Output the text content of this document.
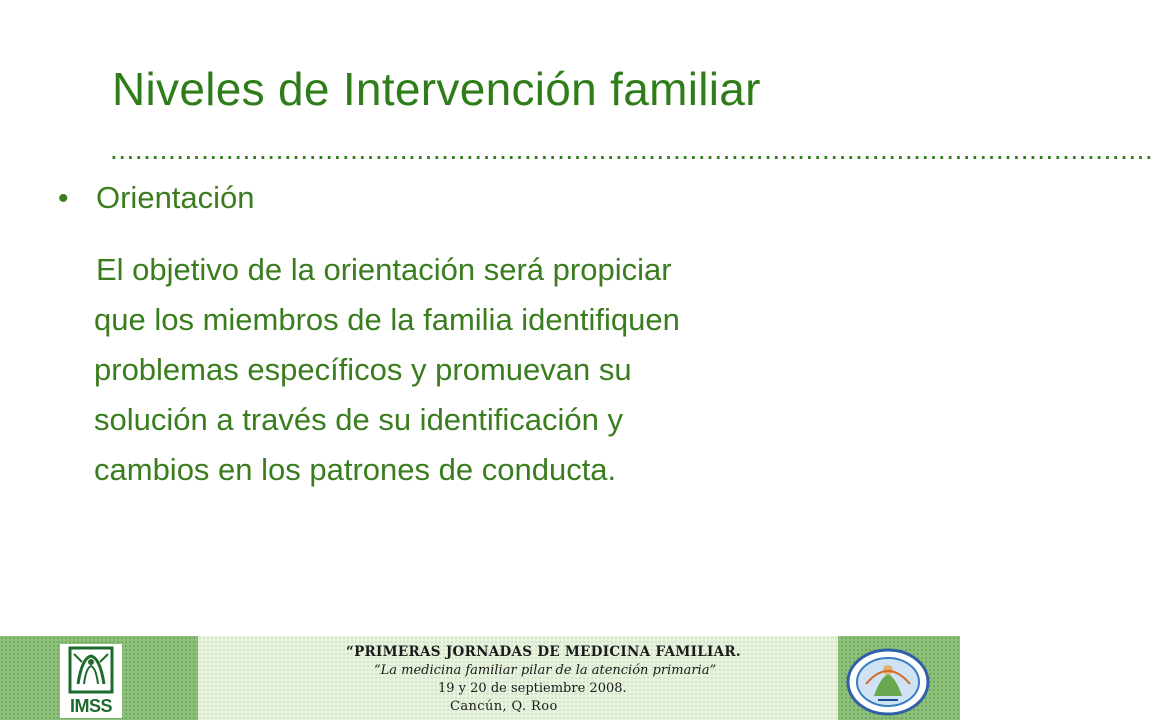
Niveles de Intervención familiar
..............................................................................................................................
• Orientación
El objetivo de la orientación será propiciar
que los miembros de la familia identifiquen
problemas específicos y promuevan su
solución a través de su identificación y
cambios en los patrones de conducta.
IMSS
“PRIMERAS JORNADAS DE MEDICINA FAMILIAR.
“La medicina familiar pilar de la atención primaria”
19 y 20 de septiembre 2008.
Cancún, Q. Roo
